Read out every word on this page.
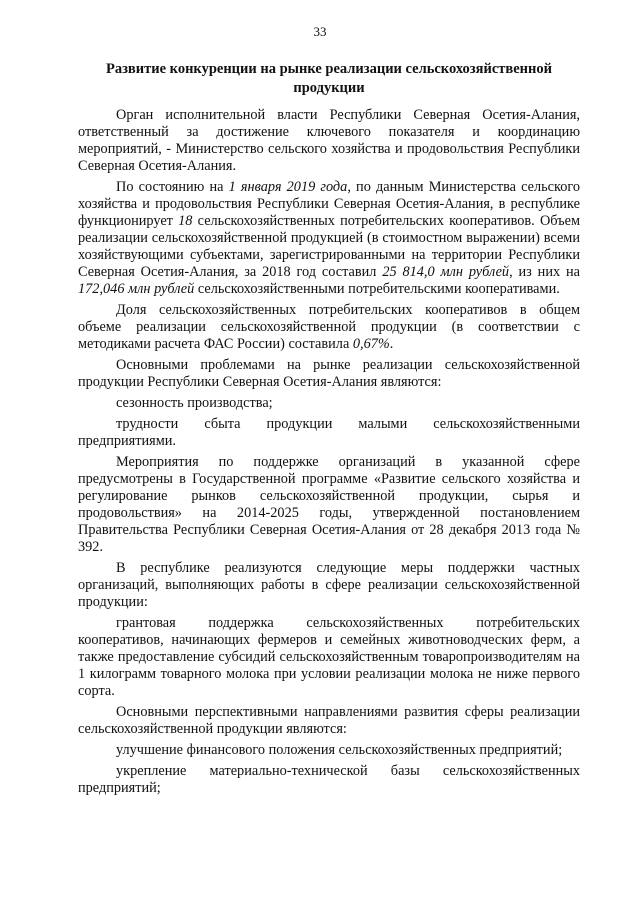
33
Развитие конкуренции на рынке реализации сельскохозяйственной
продукции

Орган исполнительной власти Республики Северная Осетия-Алания, ответственный за достижение ключевого показателя и координацию мероприятий, - Министерство сельского хозяйства и продовольствия Республики Северная Осетия-Алания.

По состоянию на 1 января 2019 года, по данным Министерства сельского хозяйства и продовольствия Республики Северная Осетия-Алания, в республике функционирует 18 сельскохозяйственных потребительских кооперативов. Объем реализации сельскохозяйственной продукцией (в стоимостном выражении) всеми хозяйствующими субъектами, зарегистрированными на территории Республики Северная Осетия-Алания, за 2018 год составил 25 814,0 млн рублей, из них на 172,046 млн рублей сельскохозяйственными потребительскими кооперативами.

Доля сельскохозяйственных потребительских кооперативов в общем объеме реализации сельскохозяйственной продукции (в соответствии с методиками расчета ФАС России) составила 0,67%.

Основными проблемами на рынке реализации сельскохозяйственной продукции Республики Северная Осетия-Алания являются:

сезонность производства;

трудности сбыта продукции малыми сельскохозяйственными предприятиями.

Мероприятия по поддержке организаций в указанной сфере предусмотрены в Государственной программе «Развитие сельского хозяйства и регулирование рынков сельскохозяйственной продукции, сырья и продовольствия» на 2014-2025 годы, утвержденной постановлением Правительства Республики Северная Осетия-Алания от 28 декабря 2013 года № 392.

В республике реализуются следующие меры поддержки частных организаций, выполняющих работы в сфере реализации сельскохозяйственной продукции:

грантовая поддержка сельскохозяйственных потребительских кооперативов, начинающих фермеров и семейных животноводческих ферм, а также предоставление субсидий сельскохозяйственным товаропроизводителям на 1 килограмм товарного молока при условии реализации молока не ниже первого сорта.

Основными перспективными направлениями развития сферы реализации сельскохозяйственной продукции являются:

улучшение финансового положения сельскохозяйственных предприятий;

укрепление материально-технической базы сельскохозяйственных предприятий;
